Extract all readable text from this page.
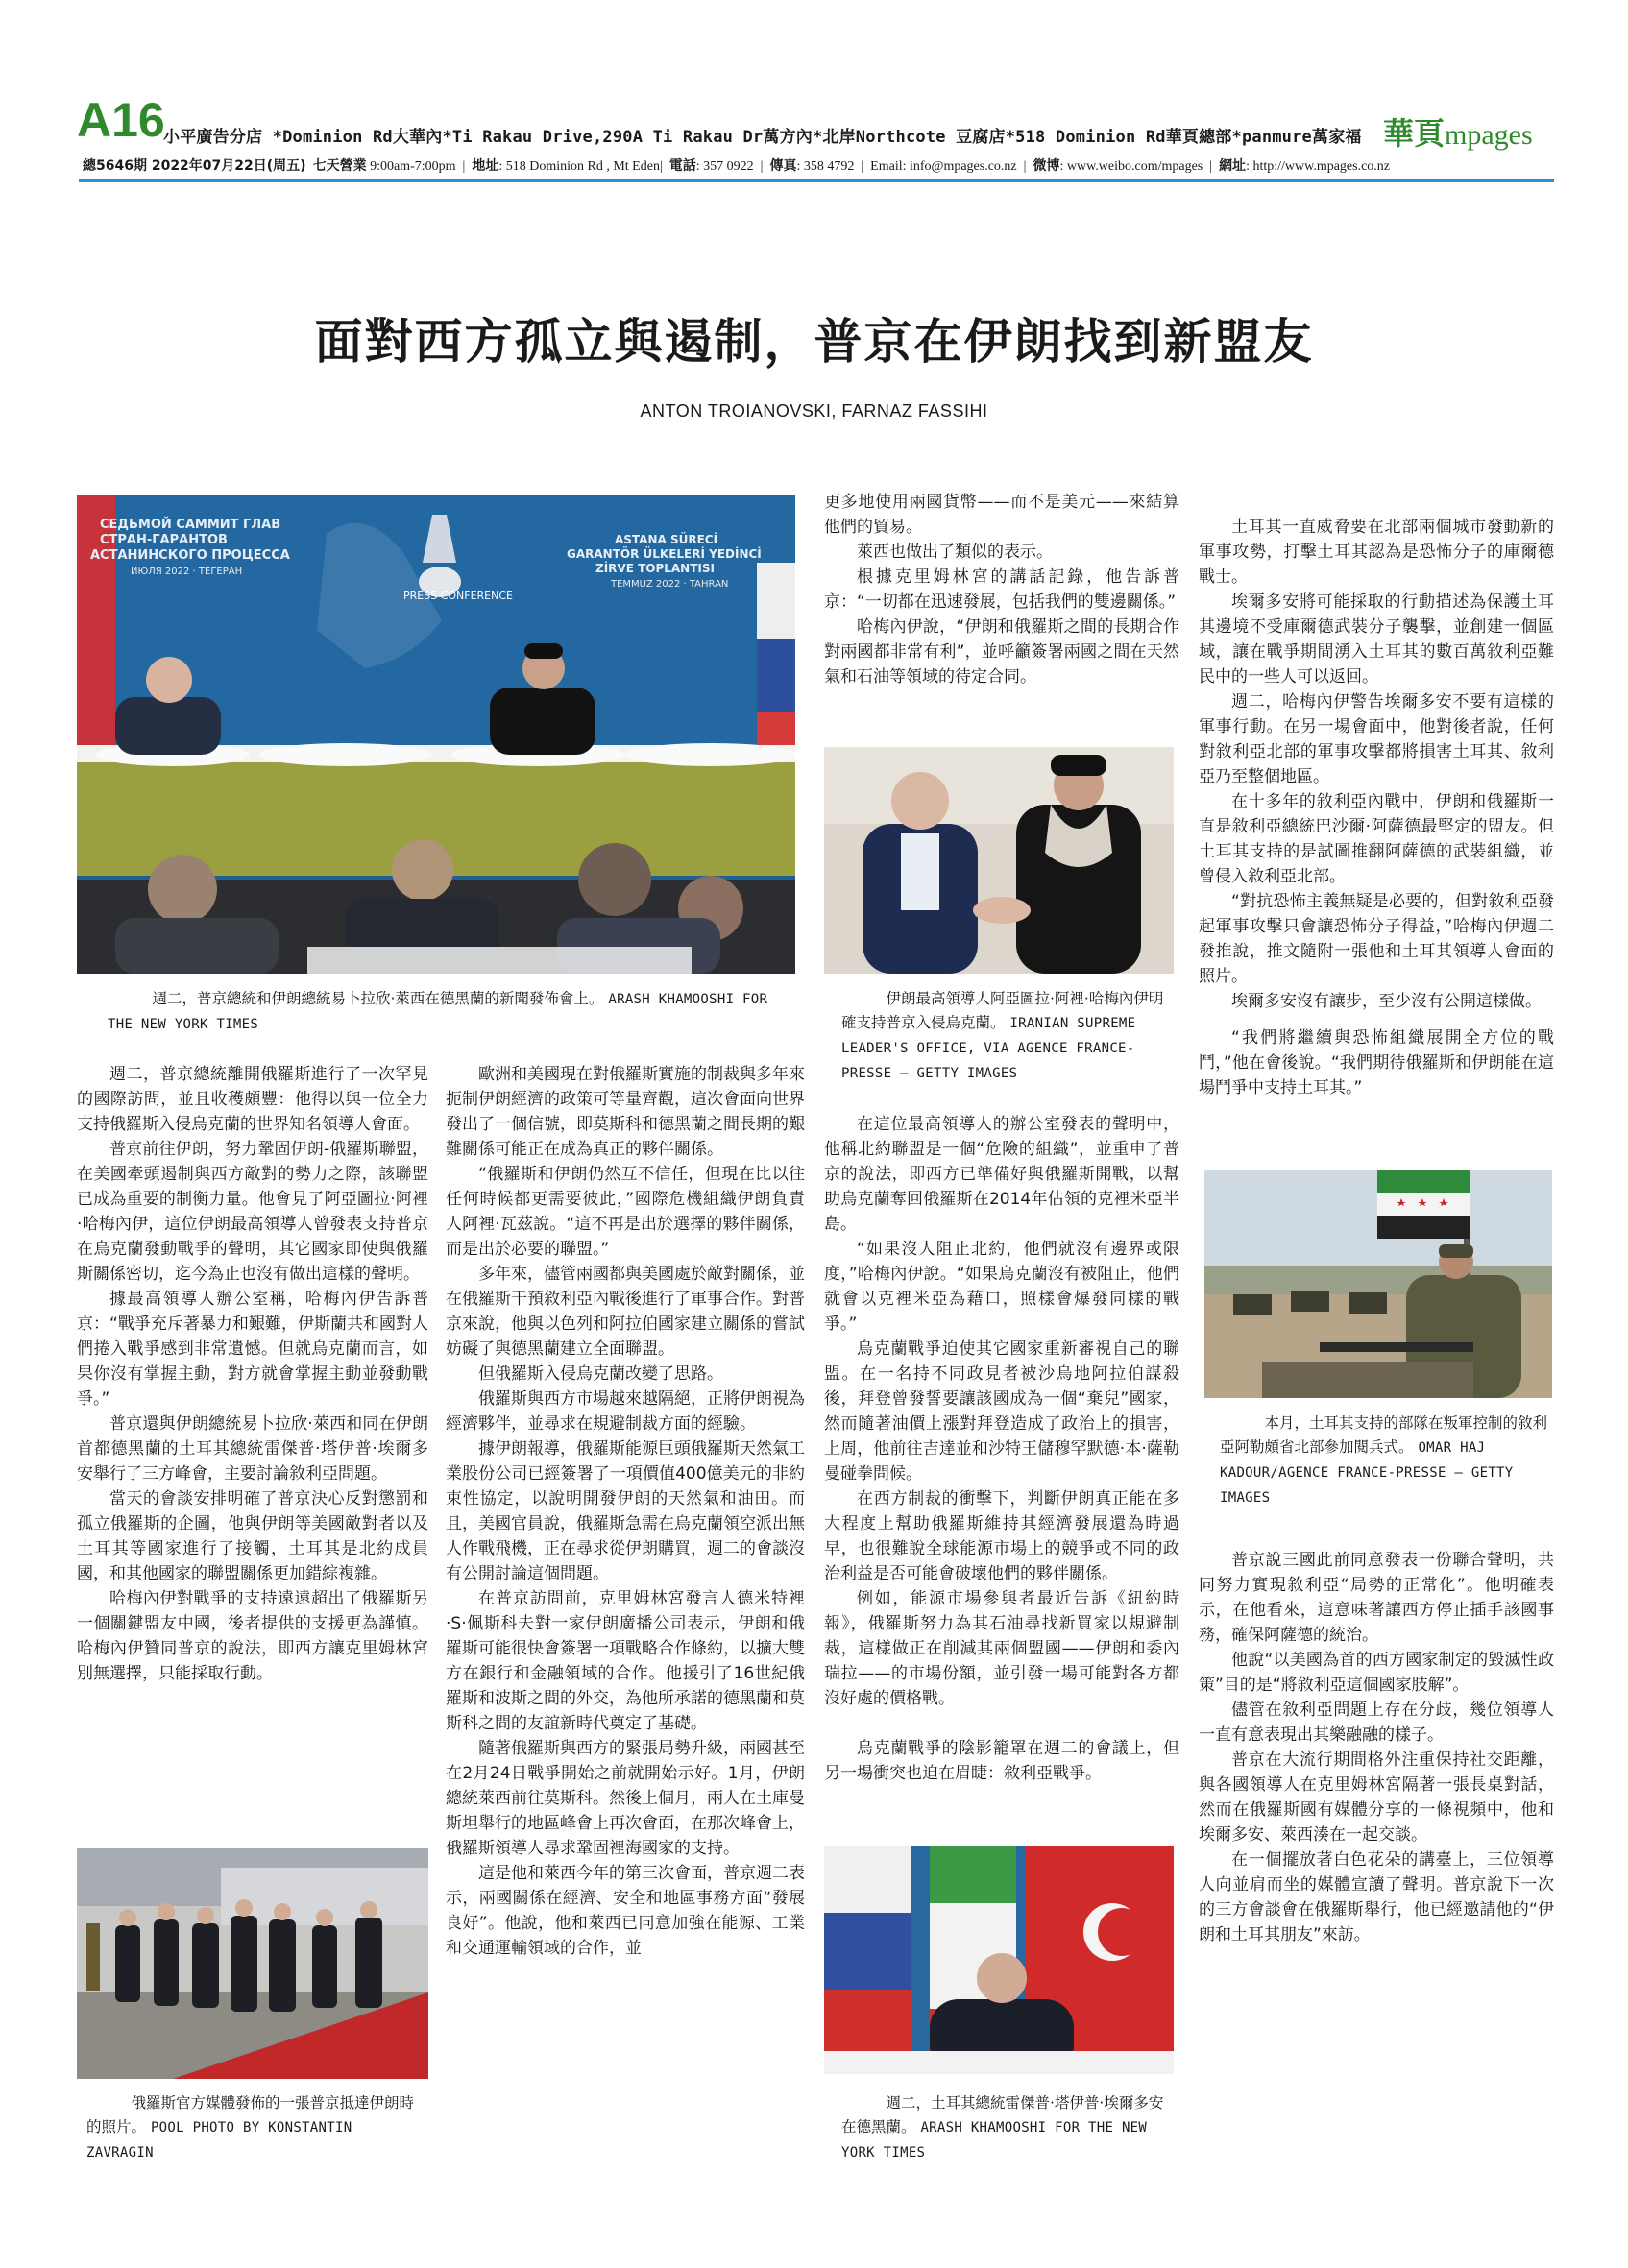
A16
小平廣告分店 *Dominion Rd大華內*Ti Rakau Drive,290A Ti Rakau Dr萬方內*北岸Northcote 豆腐店*518 Dominion Rd華頁總部*panmure萬家福
總5646期 2022年07月22日(周五) 七天營業 9:00am-7:00pm  |  地址: 518 Dominion Rd , Mt Eden|  電話: 357 0922  |  傳真: 358 4792  |  Email: info@mpages.co.nz  |  微博: www.weibo.com/mpages  |  網址: http://www.mpages.co.nz
華頁mpages
面對西方孤立與遏制，普京在伊朗找到新盟友
ANTON TROIANOVSKI, FARNAZ FASSIHI
СЕДЬМОЙ САММИТ ГЛАВ СТРАН-ГАРАНТОВ АСТАНИНСКОГО ПРОЦЕССА ИЮЛЯ 2022 · ТЕГЕРАН
ASTANA SÜRECİ GARANTÖR ÜLKELERİ YEDİNCİ ZİRVE TOPLANTISI TEMMUZ 2022 · TAHRAN
PRESS CONFERENCE
週二，普京總統和伊朗總統易卜拉欣·萊西在德黑蘭的新聞發佈會上。 ARASH KHAMOOSHI FOR THE NEW YORK TIMES

週二，普京總統離開俄羅斯進行了一次罕見的國際訪問，並且收穫頗豐：他得以與一位全力支持俄羅斯入侵烏克蘭的世界知名領導人會面。

普京前往伊朗，努力鞏固伊朗-俄羅斯聯盟，在美國牽頭遏制與西方敵對的勢力之際，該聯盟已成為重要的制衡力量。他會見了阿亞圖拉·阿裡·哈梅內伊，這位伊朗最高領導人曾發表支持普京在烏克蘭發動戰爭的聲明，其它國家即使與俄羅斯關係密切，迄今為止也沒有做出這樣的聲明。

據最高領導人辦公室稱，哈梅內伊告訴普京：“戰爭充斥著暴力和艱難，伊斯蘭共和國對人們捲入戰爭感到非常遺憾。但就烏克蘭而言，如果你沒有掌握主動，對方就會掌握主動並發動戰爭。”

普京還與伊朗總統易卜拉欣·萊西和同在伊朗首都德黑蘭的土耳其總統雷傑普·塔伊普·埃爾多安舉行了三方峰會，主要討論敘利亞問題。

當天的會談安排明確了普京決心反對懲罰和孤立俄羅斯的企圖，他與伊朗等美國敵對者以及土耳其等國家進行了接觸，土耳其是北約成員國，和其他國家的聯盟關係更加錯綜複雜。

哈梅內伊對戰爭的支持遠遠超出了俄羅斯另一個關鍵盟友中國，後者提供的支援更為謹慎。哈梅內伊贊同普京的說法，即西方讓克里姆林宮別無選擇，只能採取行動。

俄羅斯官方媒體發佈的一張普京抵達伊朗時的照片。 POOL PHOTO BY KONSTANTIN ZAVRAGIN

歐洲和美國現在對俄羅斯實施的制裁與多年來扼制伊朗經濟的政策可等量齊觀，這次會面向世界發出了一個信號，即莫斯科和德黑蘭之間長期的艱難關係可能正在成為真正的夥伴關係。

“俄羅斯和伊朗仍然互不信任，但現在比以往任何時候都更需要彼此，”國際危機組織伊朗負責人阿裡·瓦茲說。“這不再是出於選擇的夥伴關係，而是出於必要的聯盟。”

多年來，儘管兩國都與美國處於敵對關係，並在俄羅斯干預敘利亞內戰後進行了軍事合作。對普京來說，他與以色列和阿拉伯國家建立關係的嘗試妨礙了與德黑蘭建立全面聯盟。

但俄羅斯入侵烏克蘭改變了思路。

俄羅斯與西方市場越來越隔絕，正將伊朗視為經濟夥伴，並尋求在規避制裁方面的經驗。

據伊朗報導，俄羅斯能源巨頭俄羅斯天然氣工業股份公司已經簽署了一項價值400億美元的非約束性協定，以說明開發伊朗的天然氣和油田。而且，美國官員說，俄羅斯急需在烏克蘭領空派出無人作戰飛機，正在尋求從伊朗購買，週二的會談沒有公開討論這個問題。

在普京訪問前，克里姆林宮發言人德米特裡·S·佩斯科夫對一家伊朗廣播公司表示，伊朗和俄羅斯可能很快會簽署一項戰略合作條約，以擴大雙方在銀行和金融領域的合作。他援引了16世紀俄羅斯和波斯之間的外交，為他所承諾的德黑蘭和莫斯科之間的友誼新時代奠定了基礎。

隨著俄羅斯與西方的緊張局勢升級，兩國甚至在2月24日戰爭開始之前就開始示好。1月，伊朗總統萊西前往莫斯科。然後上個月，兩人在土庫曼斯坦舉行的地區峰會上再次會面，在那次峰會上，俄羅斯領導人尋求鞏固裡海國家的支持。

這是他和萊西今年的第三次會面，普京週二表示，兩國關係在經濟、安全和地區事務方面“發展良好”。他說，他和萊西已同意加強在能源、工業和交通運輸領域的合作，並

更多地使用兩國貨幣——而不是美元——來結算他們的貿易。

萊西也做出了類似的表示。

根據克里姆林宮的講話記錄，他告訴普京：“一切都在迅速發展，包括我們的雙邊關係。”

哈梅內伊說，“伊朗和俄羅斯之間的長期合作對兩國都非常有利”，並呼籲簽署兩國之間在天然氣和石油等領域的待定合同。

伊朗最高領導人阿亞圖拉·阿裡·哈梅內伊明確支持普京入侵烏克蘭。 IRANIAN SUPREME LEADER'S OFFICE, VIA AGENCE FRANCE-PRESSE — GETTY IMAGES

在這位最高領導人的辦公室發表的聲明中，他稱北約聯盟是一個“危險的組織”，並重申了普京的說法，即西方已準備好與俄羅斯開戰，以幫助烏克蘭奪回俄羅斯在2014年佔領的克裡米亞半島。

“如果沒人阻止北約，他們就沒有邊界或限度，”哈梅內伊說。“如果烏克蘭沒有被阻止，他們就會以克裡米亞為藉口，照樣會爆發同樣的戰爭。”

烏克蘭戰爭迫使其它國家重新審視自己的聯盟。在一名持不同政見者被沙烏地阿拉伯謀殺後，拜登曾發誓要讓該國成為一個“棄兒”國家，然而隨著油價上漲對拜登造成了政治上的損害，上周，他前往吉達並和沙特王儲穆罕默德·本·薩勒曼碰拳問候。

在西方制裁的衝擊下，判斷伊朗真正能在多大程度上幫助俄羅斯維持其經濟發展還為時過早，也很難說全球能源市場上的競爭或不同的政治利益是否可能會破壞他們的夥伴關係。

例如，能源市場參與者最近告訴《紐約時報》，俄羅斯努力為其石油尋找新買家以規避制裁，這樣做正在削減其兩個盟國——伊朗和委內瑞拉——的市場份額，並引發一場可能對各方都沒好處的價格戰。

烏克蘭戰爭的陰影籠罩在週二的會議上，但另一場衝突也迫在眉睫：敘利亞戰爭。

週二，土耳其總統雷傑普·塔伊普·埃爾多安在德黑蘭。 ARASH KHAMOOSHI FOR THE NEW YORK TIMES

土耳其一直威脅要在北部兩個城市發動新的軍事攻勢，打擊土耳其認為是恐怖分子的庫爾德戰士。

埃爾多安將可能採取的行動描述為保護土耳其邊境不受庫爾德武裝分子襲擊，並創建一個區域，讓在戰爭期間湧入土耳其的數百萬敘利亞難民中的一些人可以返回。

週二，哈梅內伊警告埃爾多安不要有這樣的軍事行動。在另一場會面中，他對後者說，任何對敘利亞北部的軍事攻擊都將損害土耳其、敘利亞乃至整個地區。

在十多年的敘利亞內戰中，伊朗和俄羅斯一直是敘利亞總統巴沙爾·阿薩德最堅定的盟友。但土耳其支持的是試圖推翻阿薩德的武裝組織，並曾侵入敘利亞北部。

“對抗恐怖主義無疑是必要的，但對敘利亞發起軍事攻擊只會讓恐怖分子得益，”哈梅內伊週二發推說，推文隨附一張他和土耳其領導人會面的照片。

埃爾多安沒有讓步，至少沒有公開這樣做。

“我們將繼續與恐怖組織展開全方位的戰鬥，”他在會後說。“我們期待俄羅斯和伊朗能在這場鬥爭中支持土耳其。”

本月，土耳其支持的部隊在叛軍控制的敘利亞阿勒頗省北部參加閱兵式。 OMAR HAJ KADOUR/AGENCE FRANCE-PRESSE — GETTY IMAGES

普京說三國此前同意發表一份聯合聲明，共同努力實現敘利亞“局勢的正常化”。他明確表示，在他看來，這意味著讓西方停止插手該國事務，確保阿薩德的統治。

他說“以美國為首的西方國家制定的毀滅性政策”目的是“將敘利亞這個國家肢解”。

儘管在敘利亞問題上存在分歧，幾位領導人一直有意表現出其樂融融的樣子。

普京在大流行期間格外注重保持社交距離，與各國領導人在克里姆林宮隔著一張長桌對話，然而在俄羅斯國有媒體分享的一條視頻中，他和埃爾多安、萊西湊在一起交談。

在一個擺放著白色花朵的講臺上，三位領導人向並肩而坐的媒體宣讀了聲明。普京說下一次的三方會談會在俄羅斯舉行，他已經邀請他的“伊朗和土耳其朋友”來訪。
